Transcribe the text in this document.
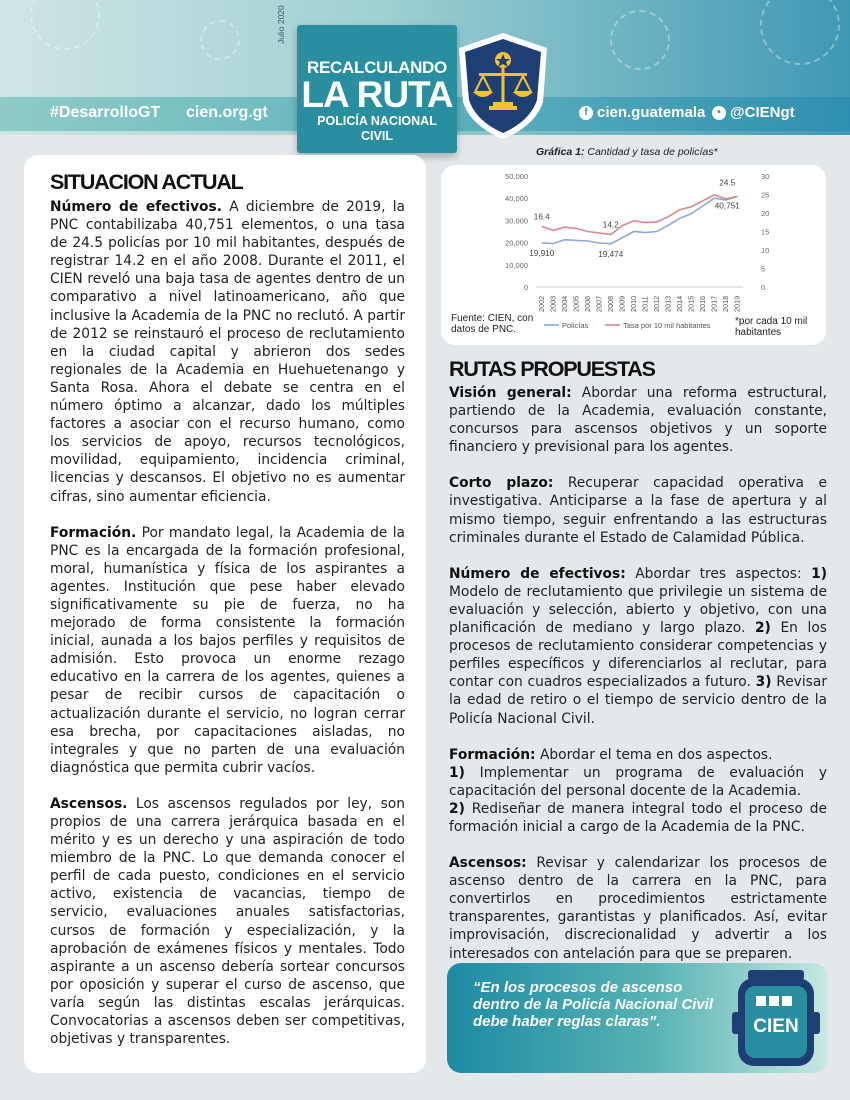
#DesarrolloGT cien.org.gt	f cien.guatemala	• @CIENgt
Julio 2020
RECALCULANDO
LA RUTA
POLICÍA NACIONAL
CIVIL
SITUACION ACTUAL

Número de efectivos. A diciembre de 2019, la PNC contabilizaba 40,751 elementos, o una tasa de 24.5 policías por 10 mil habitantes, después de registrar 14.2 en el año 2008. Durante el 2011, el CIEN reveló una baja tasa de agentes dentro de un comparativo a nivel latinoamericano, año que inclusive la Academia de la PNC no reclutó. A partir de 2012 se reinstauró el proceso de reclutamiento en la ciudad capital y abrieron dos sedes regionales de la Academia en Huehuetenango y Santa Rosa. Ahora el debate se centra en el número óptimo a alcanzar, dado los múltiples factores a asociar con el recurso humano, como los servicios de apoyo, recursos tecnológicos, movilidad, equipamiento, incidencia criminal, licencias y descansos. El objetivo no es aumentar cifras, sino aumentar eficiencia.

Formación. Por mandato legal, la Academia de la PNC es la encargada de la formación profesional, moral, humanística y física de los aspirantes a agentes. Institución que pese haber elevado significativamente su pie de fuerza, no ha mejorado de forma consistente la formación inicial, aunada a los bajos perfiles y requisitos de admisión. Esto provoca un enorme rezago educativo en la carrera de los agentes, quienes a pesar de recibir cursos de capacitación o actualización durante el servicio, no logran cerrar esa brecha, por capacitaciones aisladas, no integrales y que no parten de una evaluación diagnóstica que permita cubrir vacíos.

Ascensos. Los ascensos regulados por ley, son propios de una carrera jerárquica basada en el mérito y es un derecho y una aspiración de todo miembro de la PNC. Lo que demanda conocer el perfil de cada puesto, condiciones en el servicio activo, existencia de vacancias, tiempo de servicio, evaluaciones anuales satisfactorias, cursos de formación y especialización, y la aprobación de exámenes físicos y mentales. Todo aspirante a un ascenso debería sortear concursos por oposición y superar el curso de ascenso, que varía según las distintas escalas jerárquicas. Convocatorias a ascensos deben ser competitivas, objetivas y transparentes.

Gráfica 1: Cantidad y tasa de policías*
0
10,000
20,000
30,000
40,000
50,000
0
5
10
15
20
25
30
2002 2003 2004 2005 2006 2007 2008 2009 2010 2011 2012 2013 2014 2015 2016 2017 2018 2019
19,910	19,474
40,751
16.4
14.2
24.5
Policías	Tasa por 10 mil habitantes
Fuente: CIEN, con datos de PNC.
*por cada 10 mil habitantes
RUTAS PROPUESTAS

Visión general: Abordar una reforma estructural, partiendo de la Academia, evaluación constante, concursos para ascensos objetivos y un soporte financiero y previsional para los agentes.

Corto plazo: Recuperar capacidad operativa e investigativa. Anticiparse a la fase de apertura y al mismo tiempo, seguir enfrentando a las estructuras criminales durante el Estado de Calamidad Pública.

Número de efectivos: Abordar tres aspectos: 1) Modelo de reclutamiento que privilegie un sistema de evaluación y selección, abierto y objetivo, con una planificación de mediano y largo plazo. 2) En los procesos de reclutamiento considerar competencias y perfiles específicos y diferenciarlos al reclutar, para contar con cuadros especializados a futuro. 3) Revisar la edad de retiro o el tiempo de servicio dentro de la Policía Nacional Civil.

Formación: Abordar el tema en dos aspectos.
1) Implementar un programa de evaluación y capacitación del personal docente de la Academia.
2) Rediseñar de manera integral todo el proceso de formación inicial a cargo de la Academia de la PNC.

Ascensos: Revisar y calendarizar los procesos de ascenso dentro de la carrera en la PNC, para convertirlos en procedimientos estrictamente transparentes, garantistas y planificados. Así, evitar improvisación, discrecionalidad y advertir a los interesados con antelación para que se preparen.

“En los procesos de ascenso dentro de la Policía Nacional Civil debe haber reglas claras”.	CIEN
